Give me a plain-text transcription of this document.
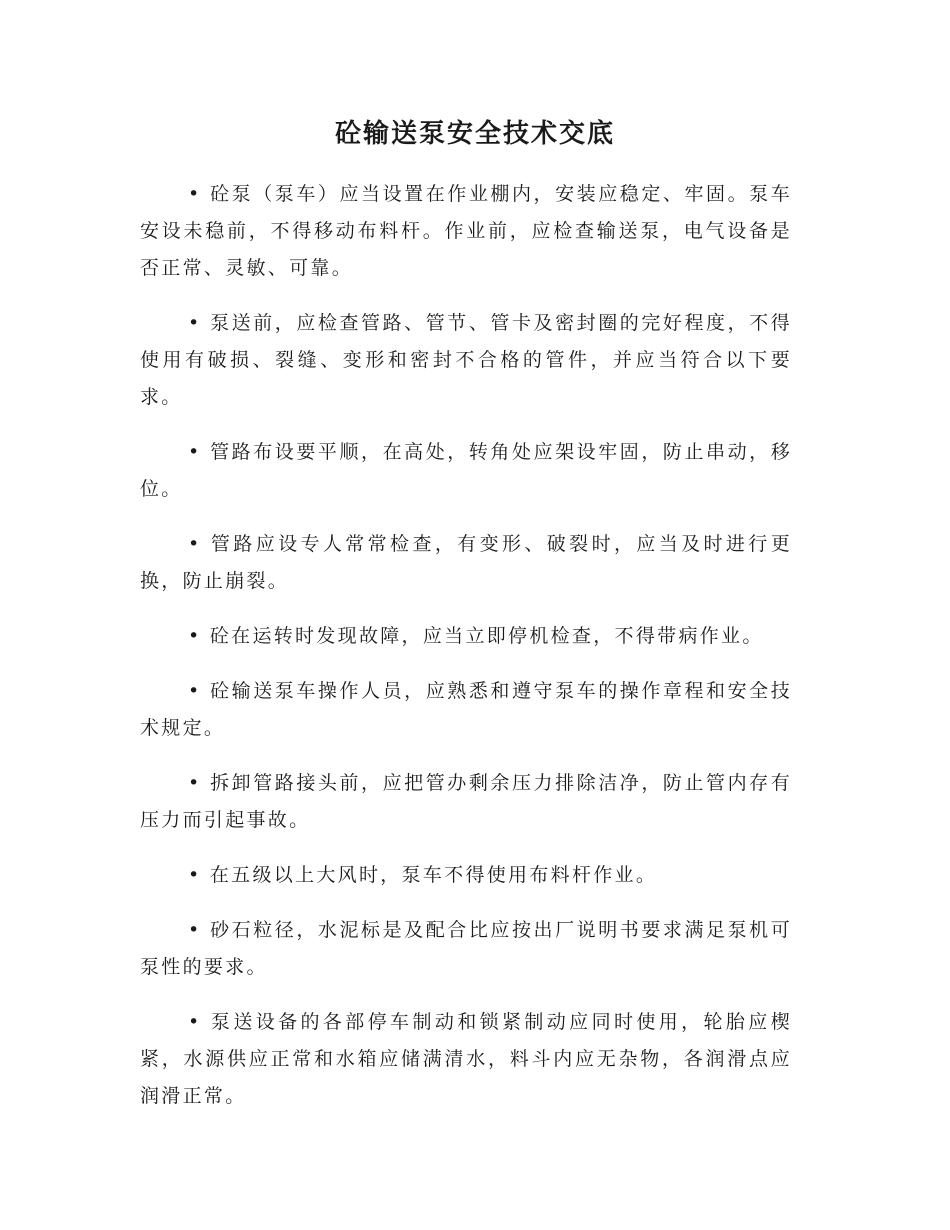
砼输送泵安全技术交底

• 砼泵（泵车）应当设置在作业棚内，安装应稳定、牢固。泵车安设未稳前，不得移动布料杆。作业前，应检查输送泵，电气设备是否正常、灵敏、可靠。

• 泵送前，应检查管路、管节、管卡及密封圈的完好程度，不得使用有破损、裂缝、变形和密封不合格的管件，并应当符合以下要求。

• 管路布设要平顺，在高处，转角处应架设牢固，防止串动，移位。

• 管路应设专人常常检查，有变形、破裂时，应当及时进行更换，防止崩裂。

• 砼在运转时发现故障，应当立即停机检查，不得带病作业。

• 砼输送泵车操作人员，应熟悉和遵守泵车的操作章程和安全技术规定。

• 拆卸管路接头前，应把管办剩余压力排除洁净，防止管内存有压力而引起事故。

• 在五级以上大风时，泵车不得使用布料杆作业。

• 砂石粒径，水泥标是及配合比应按出厂说明书要求满足泵机可泵性的要求。

• 泵送设备的各部停车制动和锁紧制动应同时使用，轮胎应楔紧，水源供应正常和水箱应储满清水，料斗内应无杂物，各润滑点应润滑正常。
